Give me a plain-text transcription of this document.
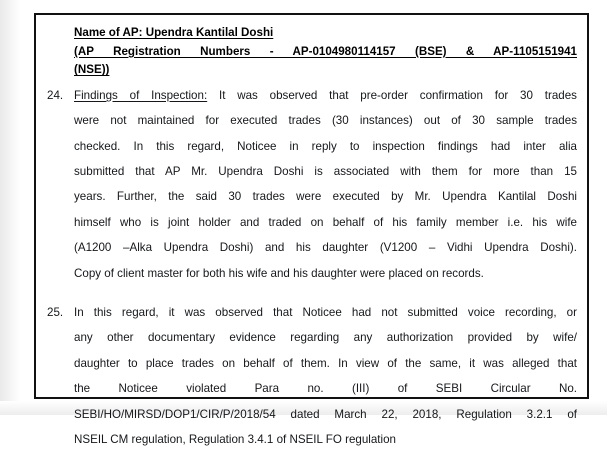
Name of AP: Upendra Kantilal Doshi
(AP Registration Numbers - AP-0104980114157 (BSE) & AP-1105151941
(NSE))
24. Findings of Inspection: It was observed that pre-order confirmation for 30 trades
were not maintained for executed trades (30 instances) out of 30 sample trades
checked. In this regard, Noticee in reply to inspection findings had inter alia
submitted that AP Mr. Upendra Doshi is associated with them for more than 15
years. Further, the said 30 trades were executed by Mr. Upendra Kantilal Doshi
himself who is joint holder and traded on behalf of his family member i.e. his wife
(A1200 –Alka Upendra Doshi) and his daughter (V1200 – Vidhi Upendra Doshi).
Copy of client master for both his wife and his daughter were placed on records.
25. In this regard, it was observed that Noticee had not submitted voice recording, or
any other documentary evidence regarding any authorization provided by wife/
daughter to place trades on behalf of them. In view of the same, it was alleged that
the Noticee violated Para no. (III) of SEBI Circular No.
SEBI/HO/MIRSD/DOP1/CIR/P/2018/54 dated March 22, 2018, Regulation 3.2.1 of
NSEIL CM regulation, Regulation 3.4.1 of NSEIL FO regulation
